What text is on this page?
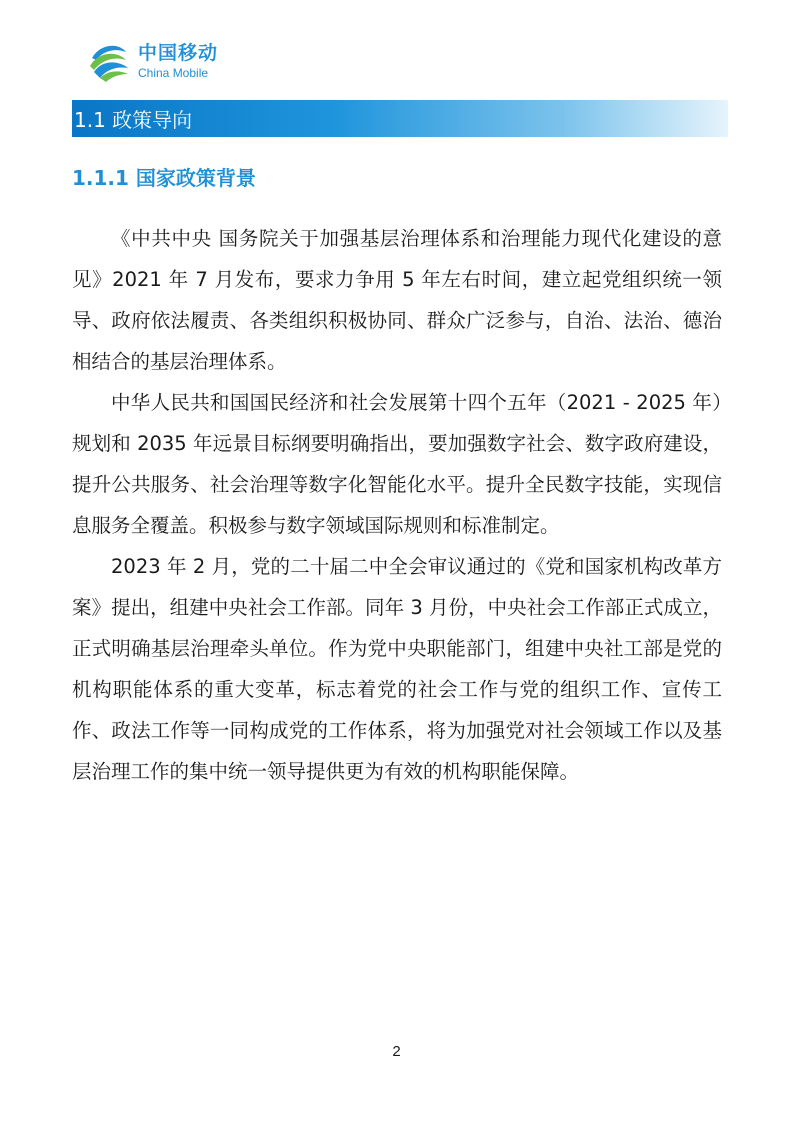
中国移动
China Mobile
1.1 政策导向
1.1.1 国家政策背景

《中共中央 国务院关于加强基层治理体系和治理能力现代化建设的意见》2021 年 7 月发布，要求力争用 5 年左右时间，建立起党组织统一领导、政府依法履责、各类组织积极协同、群众广泛参与，自治、法治、德治相结合的基层治理体系。

中华人民共和国国民经济和社会发展第十四个五年（2021 - 2025 年）规划和 2035 年远景目标纲要明确指出，要加强数字社会、数字政府建设，提升公共服务、社会治理等数字化智能化水平。提升全民数字技能，实现信息服务全覆盖。积极参与数字领域国际规则和标准制定。

2023 年 2 月，党的二十届二中全会审议通过的《党和国家机构改革方案》提出，组建中央社会工作部。同年 3 月份，中央社会工作部正式成立，正式明确基层治理牵头单位。作为党中央职能部门，组建中央社工部是党的机构职能体系的重大变革，标志着党的社会工作与党的组织工作、宣传工作、政法工作等一同构成党的工作体系，将为加强党对社会领域工作以及基层治理工作的集中统一领导提供更为有效的机构职能保障。

2
